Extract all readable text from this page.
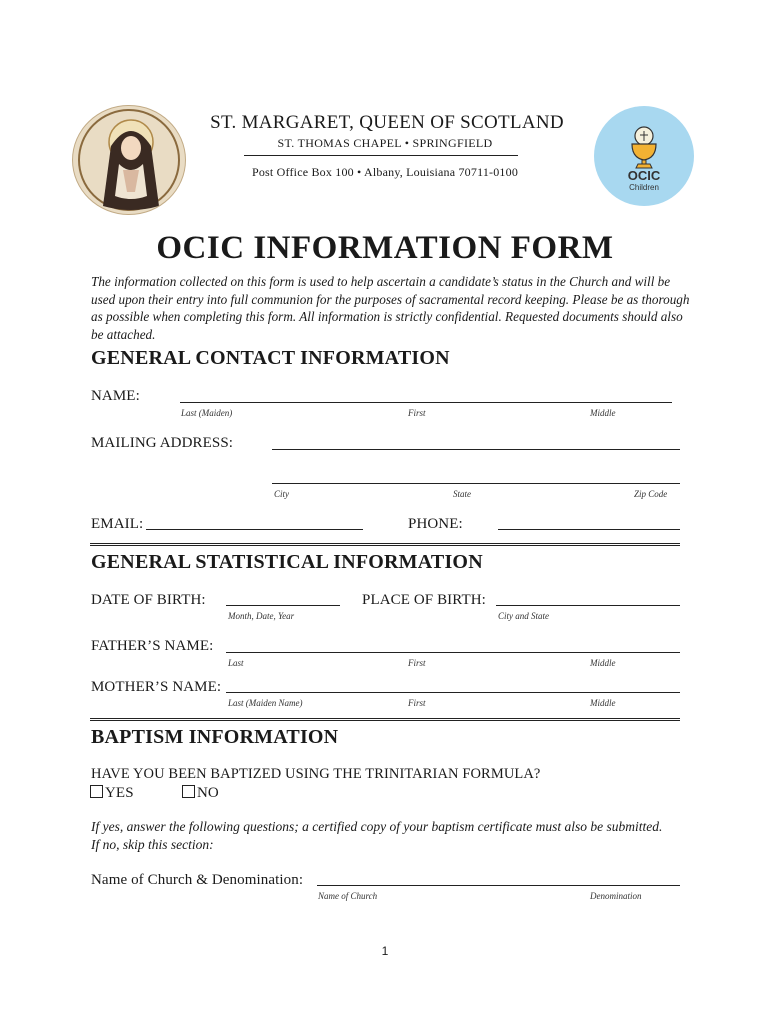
ST. MARGARET, QUEEN OF SCOTLAND
ST. THOMAS CHAPEL • SPRINGFIELD
Post Office Box 100 • Albany, Louisiana 70711-0100	OCIC
Children
OCIC INFORMATION FORM
The information collected on this form is used to help ascertain a candidate’s status in the Church and will be used upon their entry into full communion for the purposes of sacramental record keeping. Please be as thorough as possible when completing this form. All information is strictly confidential. Requested documents should also be attached.
GENERAL CONTACT INFORMATION
NAME:
Last (Maiden)	First	Middle
MAILING ADDRESS:
City	State	Zip Code
EMAIL:	PHONE:
GENERAL STATISTICAL INFORMATION
DATE OF BIRTH:
Month, Date, Year
PLACE OF BIRTH:
City and State
FATHER’S NAME:
Last	First	Middle
MOTHER’S NAME:
Last (Maiden Name)	First	Middle
BAPTISM INFORMATION
HAVE YOU BEEN BAPTIZED USING THE TRINITARIAN FORMULA?
YES	NO
If yes, answer the following questions; a certified copy of your baptism certificate must also be submitted.
If no, skip this section:
Name of Church & Denomination:
Name of Church	Denomination
1
